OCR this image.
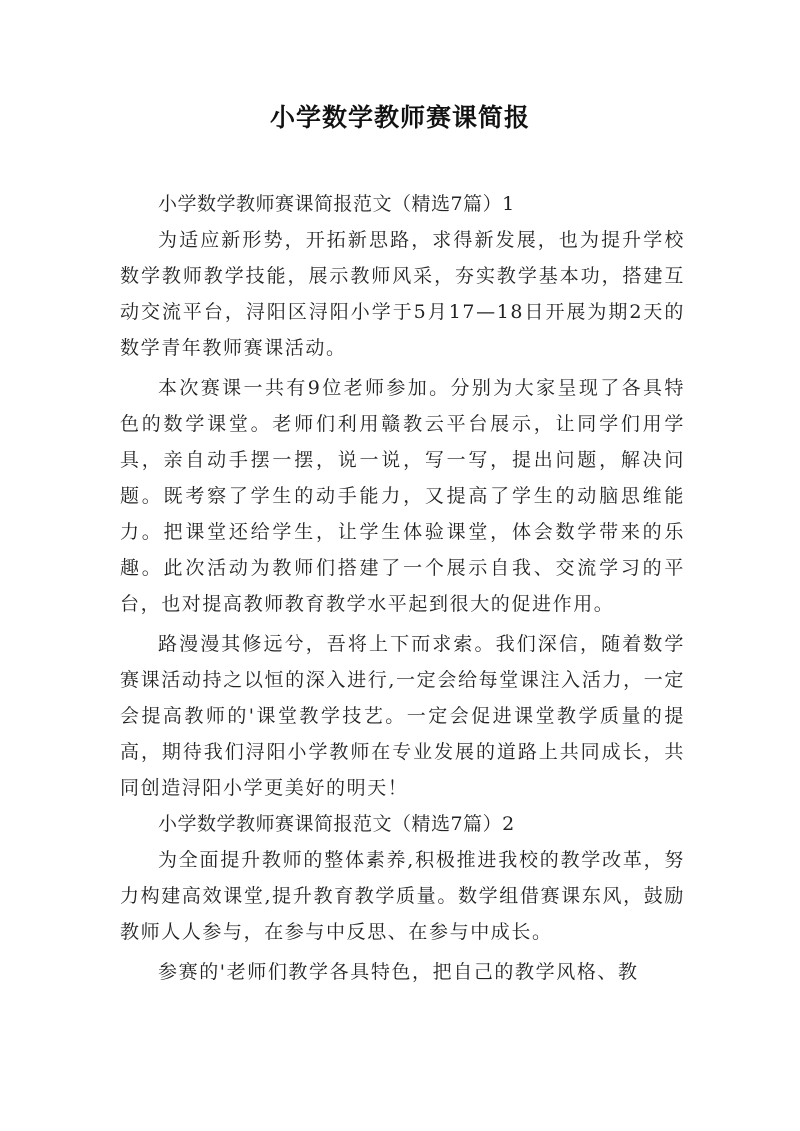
小学数学教师赛课简报

小学数学教师赛课简报范文（精选7篇）1

为适应新形势，开拓新思路，求得新发展，也为提升学校数学教师教学技能，展示教师风采，夯实教学基本功，搭建互动交流平台，浔阳区浔阳小学于5月17—18日开展为期2天的数学青年教师赛课活动。

本次赛课一共有9位老师参加。分别为大家呈现了各具特色的数学课堂。老师们利用赣教云平台展示，让同学们用学具，亲自动手摆一摆，说一说，写一写，提出问题，解决问题。既考察了学生的动手能力，又提高了学生的动脑思维能力。把课堂还给学生，让学生体验课堂，体会数学带来的乐趣。此次活动为教师们搭建了一个展示自我、交流学习的平台，也对提高教师教育教学水平起到很大的促进作用。

路漫漫其修远兮，吾将上下而求索。我们深信，随着数学赛课活动持之以恒的深入进行,一定会给每堂课注入活力，一定会提高教师的'课堂教学技艺。一定会促进课堂教学质量的提高，期待我们浔阳小学教师在专业发展的道路上共同成长，共同创造浔阳小学更美好的明天！

小学数学教师赛课简报范文（精选7篇）2

为全面提升教师的整体素养,积极推进我校的教学改革，努力构建高效课堂,提升教育教学质量。数学组借赛课东风，鼓励教师人人参与，在参与中反思、在参与中成长。

参赛的'老师们教学各具特色，把自己的教学风格、教
